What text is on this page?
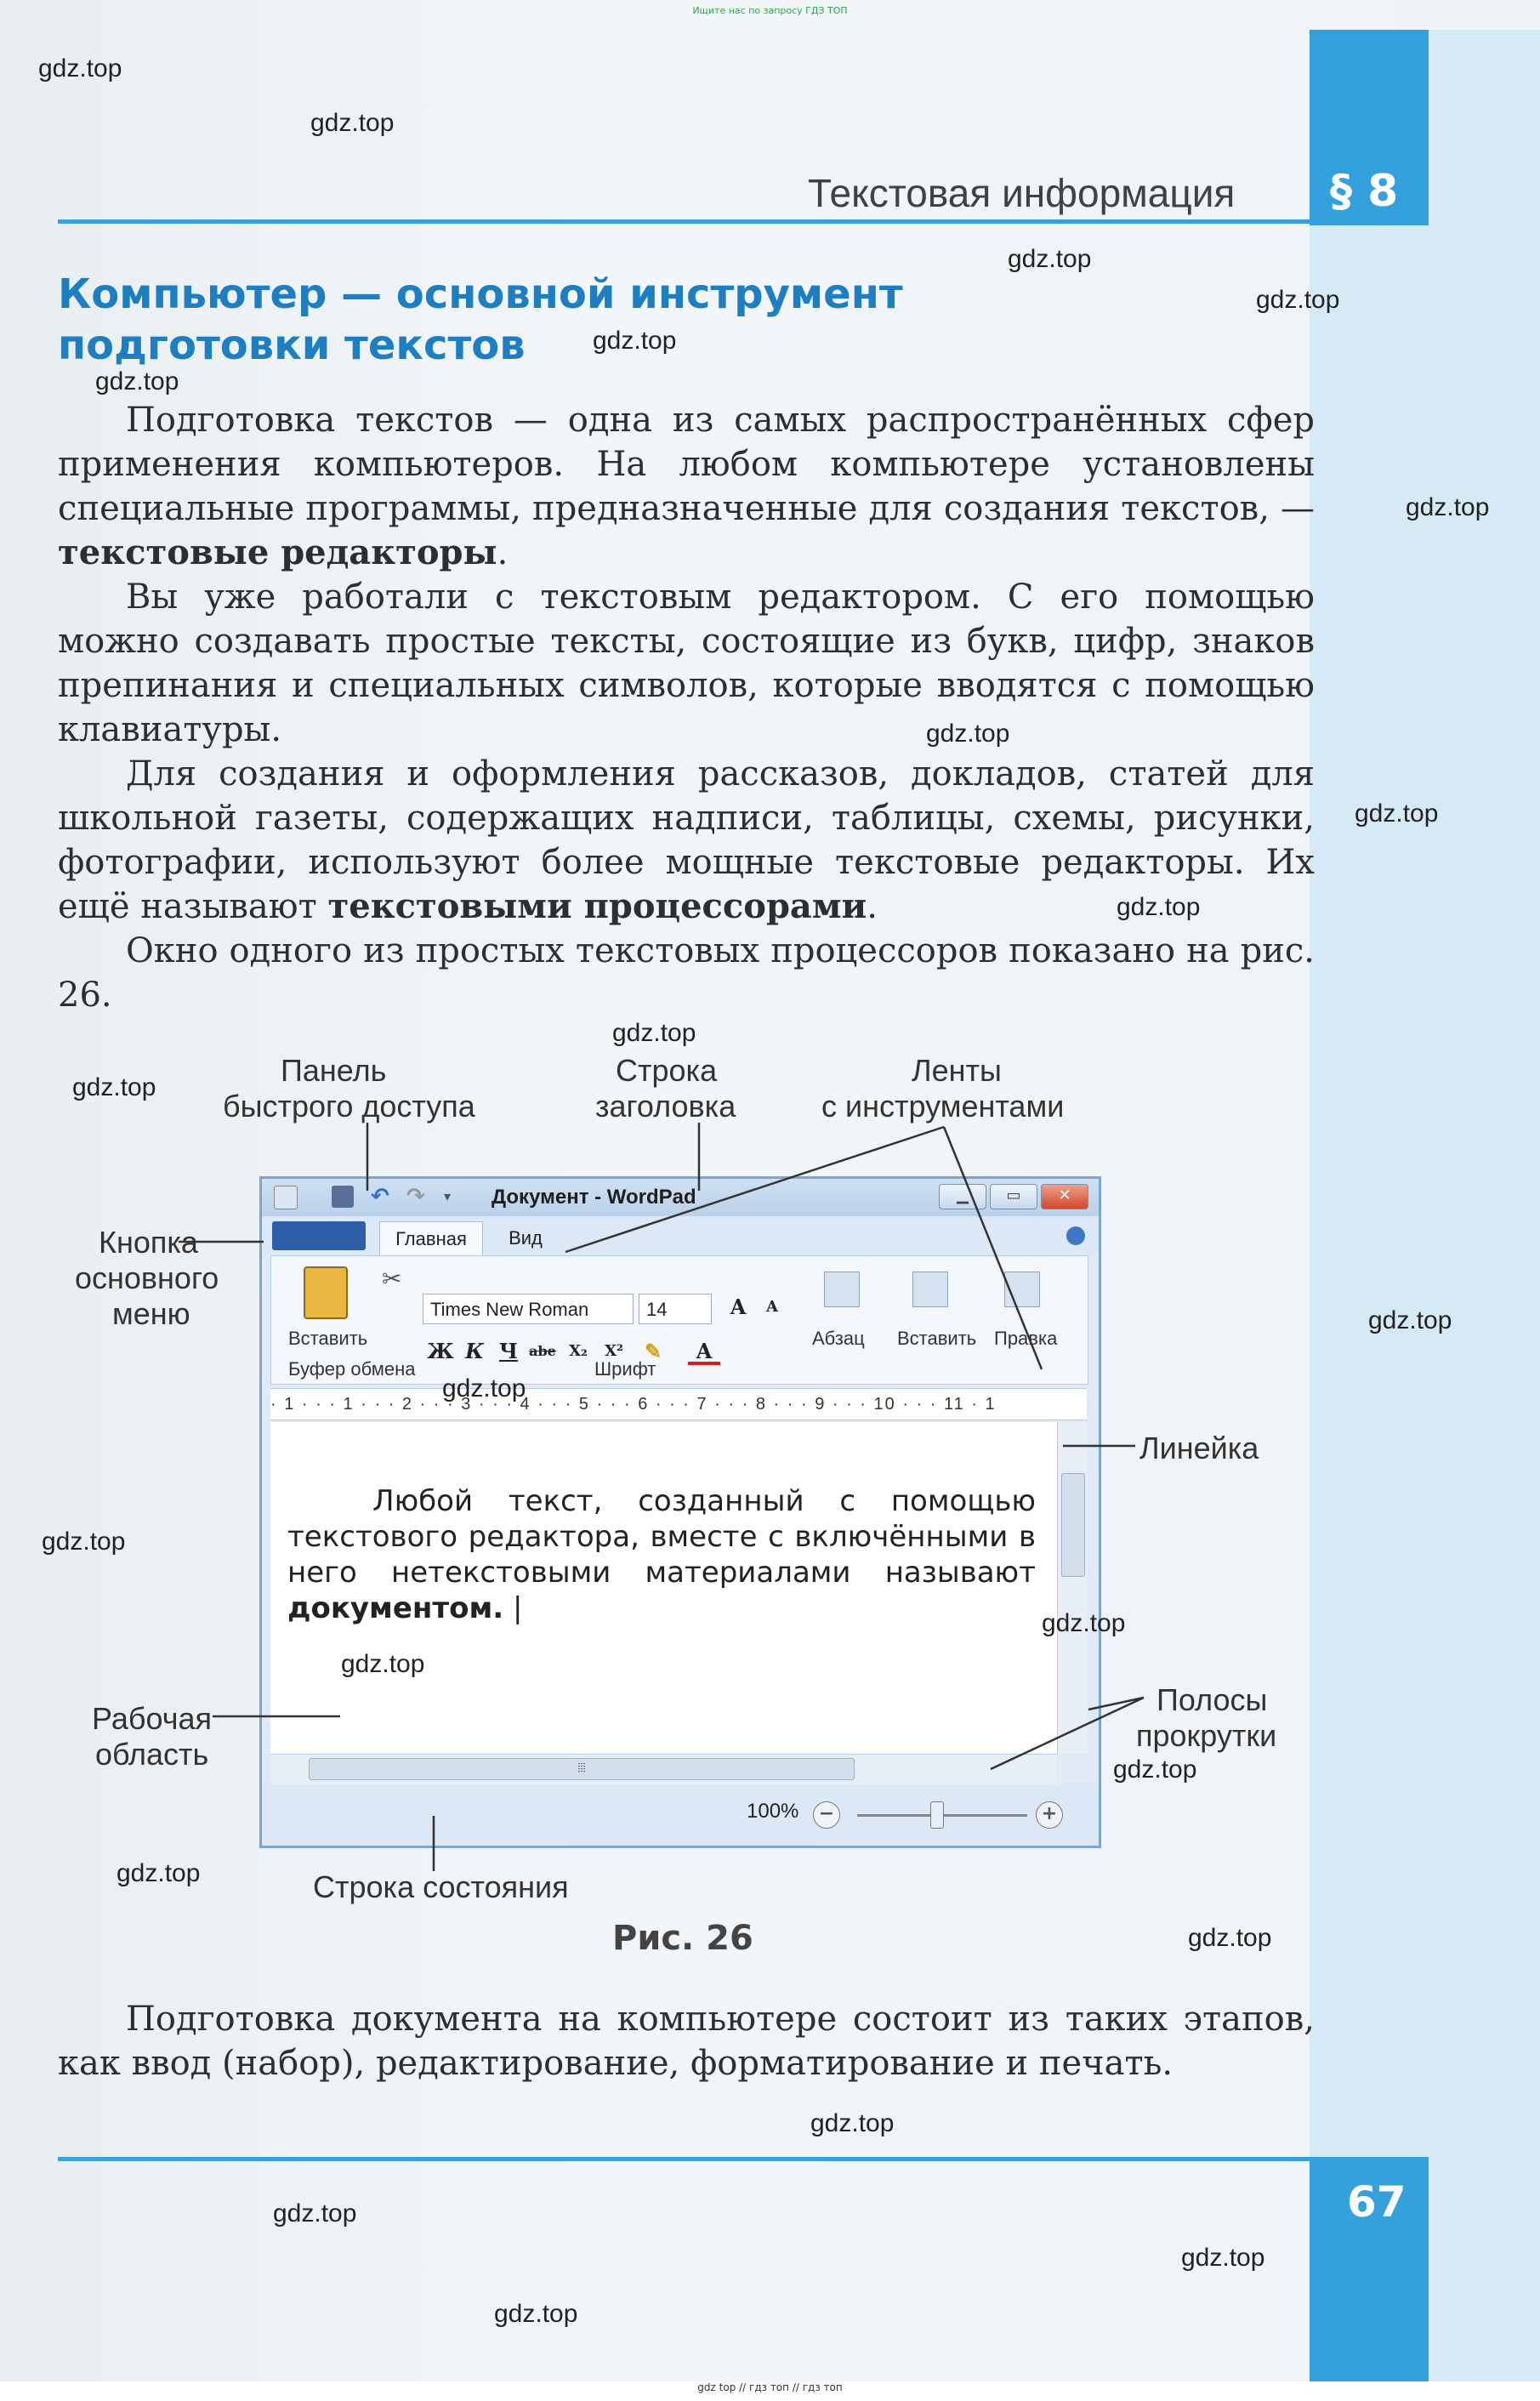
Ищите нас по запросу ГДЗ ТОП
§ 8
Текстовая информация
Компьютер — основной инструмент подготовки текстов

Подготовка текстов — одна из самых распространённых сфер применения компьютеров. На любом компьютере установлены специальные программы, предназначенные для создания текстов, — текстовые редакторы.

Вы уже работали с текстовым редактором. С его помощью можно создавать простые тексты, состоящие из букв, цифр, знаков препинания и специальных символов, которые вводятся с помощью клавиатуры.

Для создания и оформления рассказов, докладов, статей для школьной газеты, содержащих надписи, таблицы, схемы, рисунки, фотографии, используют более мощные текстовые редакторы. Их ещё называют текстовыми процессорами.

Окно одного из простых текстовых процессоров показано на рис. 26.

Панель
быстрого доступа
Строка
заголовка
Ленты
с инструментами
Кнопка
основного
меню
Линейка
Рабочая
область
Полосы
прокрутки
Строка состояния
↶ ↷ ▾	Документ - WordPad	▁	▭	✕
Главная	Вид
✂
Вставить
Буфер обмена
Times New Roman	14	A	A
Ж К Ч abe X₂	X²	✎	A
Шрифт
Абзац Вставить Правка
· 1 · · · 1 · · · 2 · · · 3 · · · 4 · · · 5 · · · 6 · · · 7 · · · 8 · · · 9 · · · 10 · · · 11 · 1

Любой текст, созданный с помощью текстового редактора, вместе с включёнными в него нетекстовыми материалами называют документом. |

⦙⦙⦙
100%	−	+
Рис. 26

Подготовка документа на компьютере состоит из таких этапов, как ввод (набор), редактирование, форматирование и печать.

67
gdz.top
gdz.top
gdz.top
gdz.top
gdz.top
gdz.top
gdz.top
gdz.top
gdz.top
gdz.top
gdz.top
gdz.top
gdz.top
gdz.top
gdz.top
gdz.top
gdz.top
gdz.top
gdz.top
gdz.top
gdz.top
gdz.top
gdz.top
gdz.top
gdz top // гдз топ // гдз топ
